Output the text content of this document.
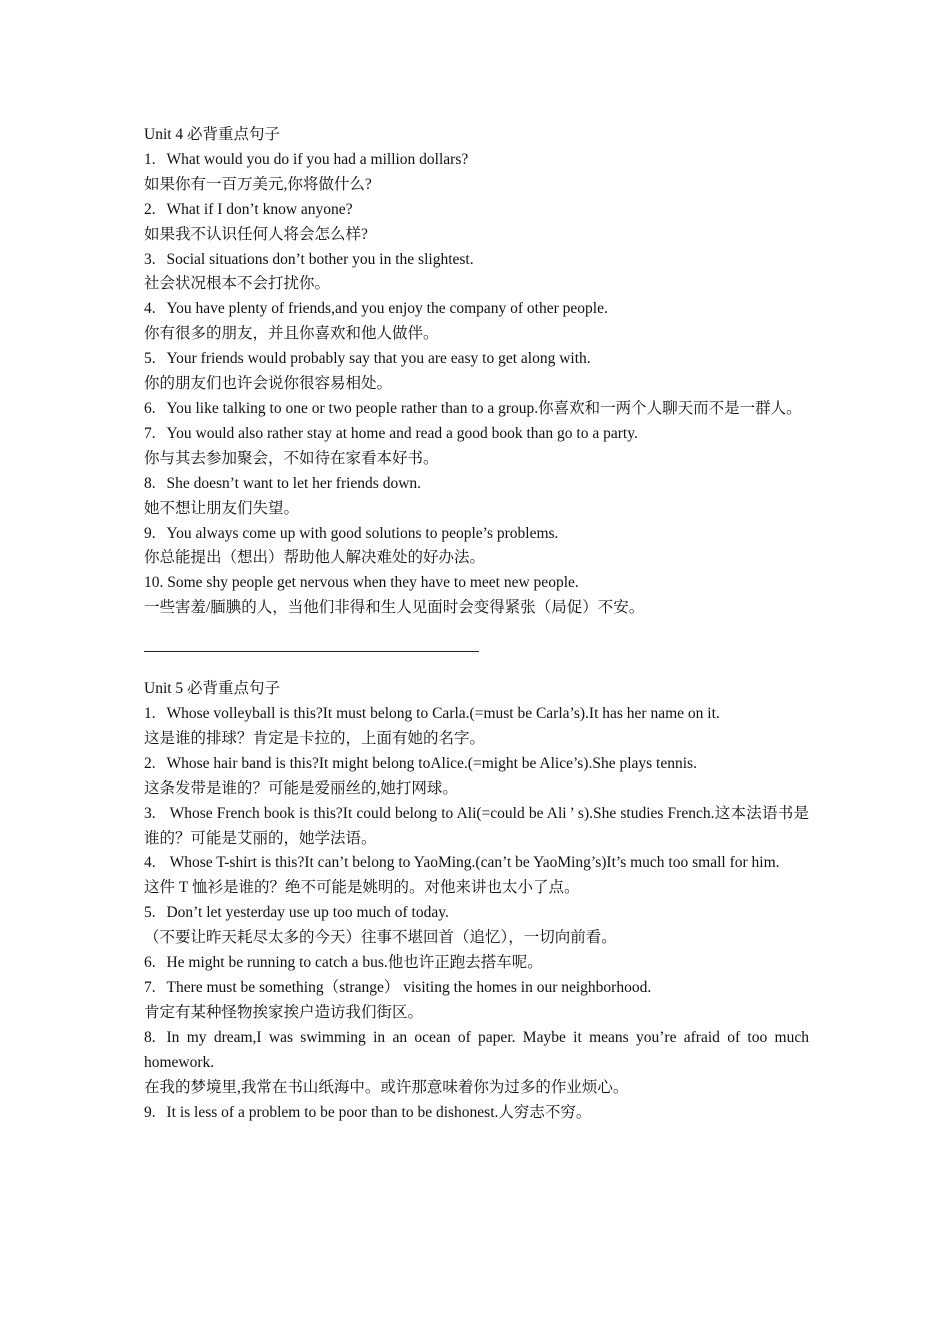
Unit 4 必背重点句子
1.  What would you do if you had a million dollars?
如果你有一百万美元,你将做什么?
2.  What if I don’t know anyone?
如果我不认识任何人将会怎么样?
3.  Social situations don’t bother you in the slightest.
社会状况根本不会打扰你。
4.  You have plenty of friends,and you enjoy the company of other people.
你有很多的朋友，并且你喜欢和他人做伴。
5.  Your friends would probably say that you are easy to get along with.
你的朋友们也许会说你很容易相处。
6.  You like talking to one or two people rather than to a group.你喜欢和一两个人聊天而不是一群人。
7.  You would also rather stay at home and read a good book than go to a party.
你与其去参加聚会，不如待在家看本好书。
8.  She doesn’t want to let her friends down.
她不想让朋友们失望。
9.  You always come up with good solutions to people’s problems.
你总能提出（想出）帮助他人解决难处的好办法。
10. Some shy people get nervous when they have to meet new people.
一些害羞/腼腆的人，当他们非得和生人见面时会变得紧张（局促）不安。
Unit 5 必背重点句子
1.  Whose volleyball is this?It must belong to Carla.(=must be Carla’s).It has her name on it.
这是谁的排球？肯定是卡拉的，上面有她的名字。
2.  Whose hair band is this?It might belong toAlice.(=might be Alice’s).She plays tennis.
这条发带是谁的？可能是爱丽丝的,她打网球。
3.   Whose French book is this?It could belong to Ali(=could be Ali ’ s).She studies French.这本法语书是谁的？可能是艾丽的，她学法语。
4.   Whose T-shirt is this?It can’t belong to YaoMing.(can’t be YaoMing’s)It’s much too small for him.
这件 T 恤衫是谁的？绝不可能是姚明的。对他来讲也太小了点。
5.  Don’t let yesterday use up too much of today.
（不要让昨天耗尽太多的今天）往事不堪回首（追忆），一切向前看。
6.  He might be running to catch a bus.他也许正跑去搭车呢。
7.  There must be something（strange） visiting the homes in our neighborhood.
肯定有某种怪物挨家挨户造访我们街区。
8.  In my dream,I was swimming in an ocean of paper. Maybe it means you’re afraid of too much homework.
在我的梦境里,我常在书山纸海中。或许那意味着你为过多的作业烦心。
9.  It is less of a problem to be poor than to be dishonest.人穷志不穷。
